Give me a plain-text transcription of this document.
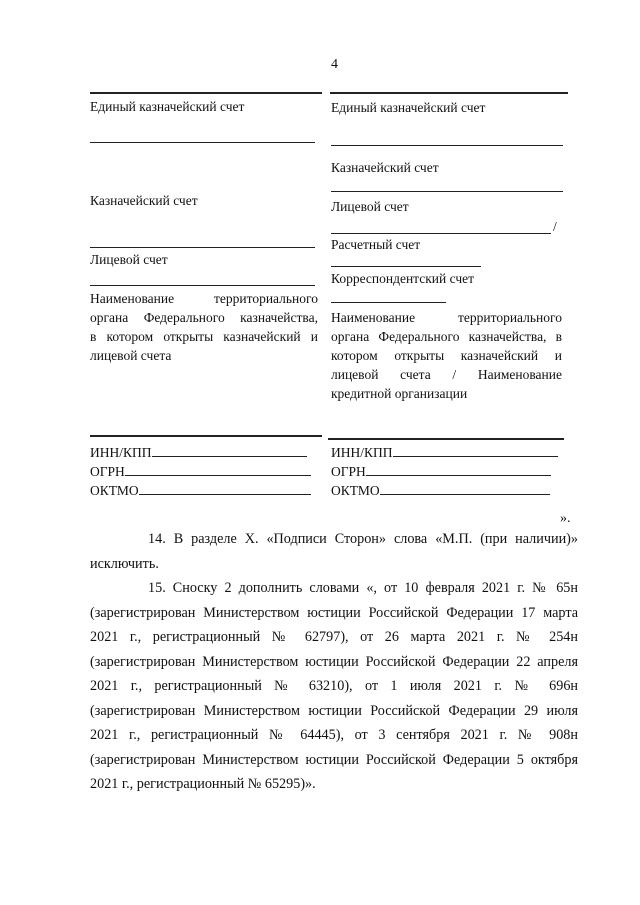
4
Единый казначейский счет
Казначейский счет
Лицевой счет
Наименование территориального
органа Федерального казначейства,
в котором открыты казначейский и
лицевой счета
ИНН/КПП
ОГРН
ОКТМО
Единый казначейский счет
Казначейский счет
Лицевой счет
/
Расчетный счет
Корреспондентский счет
Наименование территориального
органа Федерального казначейства, в
котором открыты казначейский и
лицевой счета / Наименование
кредитной организации
ИНН/КПП
ОГРН
ОКТМО
».
14. В разделе X. «Подписи Сторон» слова «М.П. (при наличии)»
исключить.
15. Сноску 2 дополнить словами «, от 10 февраля 2021 г. № 65н
(зарегистрирован Министерством юстиции Российской Федерации 17 марта
2021 г., регистрационный № 62797), от 26 марта 2021 г. № 254н
(зарегистрирован Министерством юстиции Российской Федерации 22 апреля
2021 г., регистрационный № 63210), от 1 июля 2021 г. № 696н
(зарегистрирован Министерством юстиции Российской Федерации 29 июля
2021 г., регистрационный № 64445), от 3 сентября 2021 г. № 908н
(зарегистрирован Министерством юстиции Российской Федерации 5 октября
2021 г., регистрационный № 65295)».
